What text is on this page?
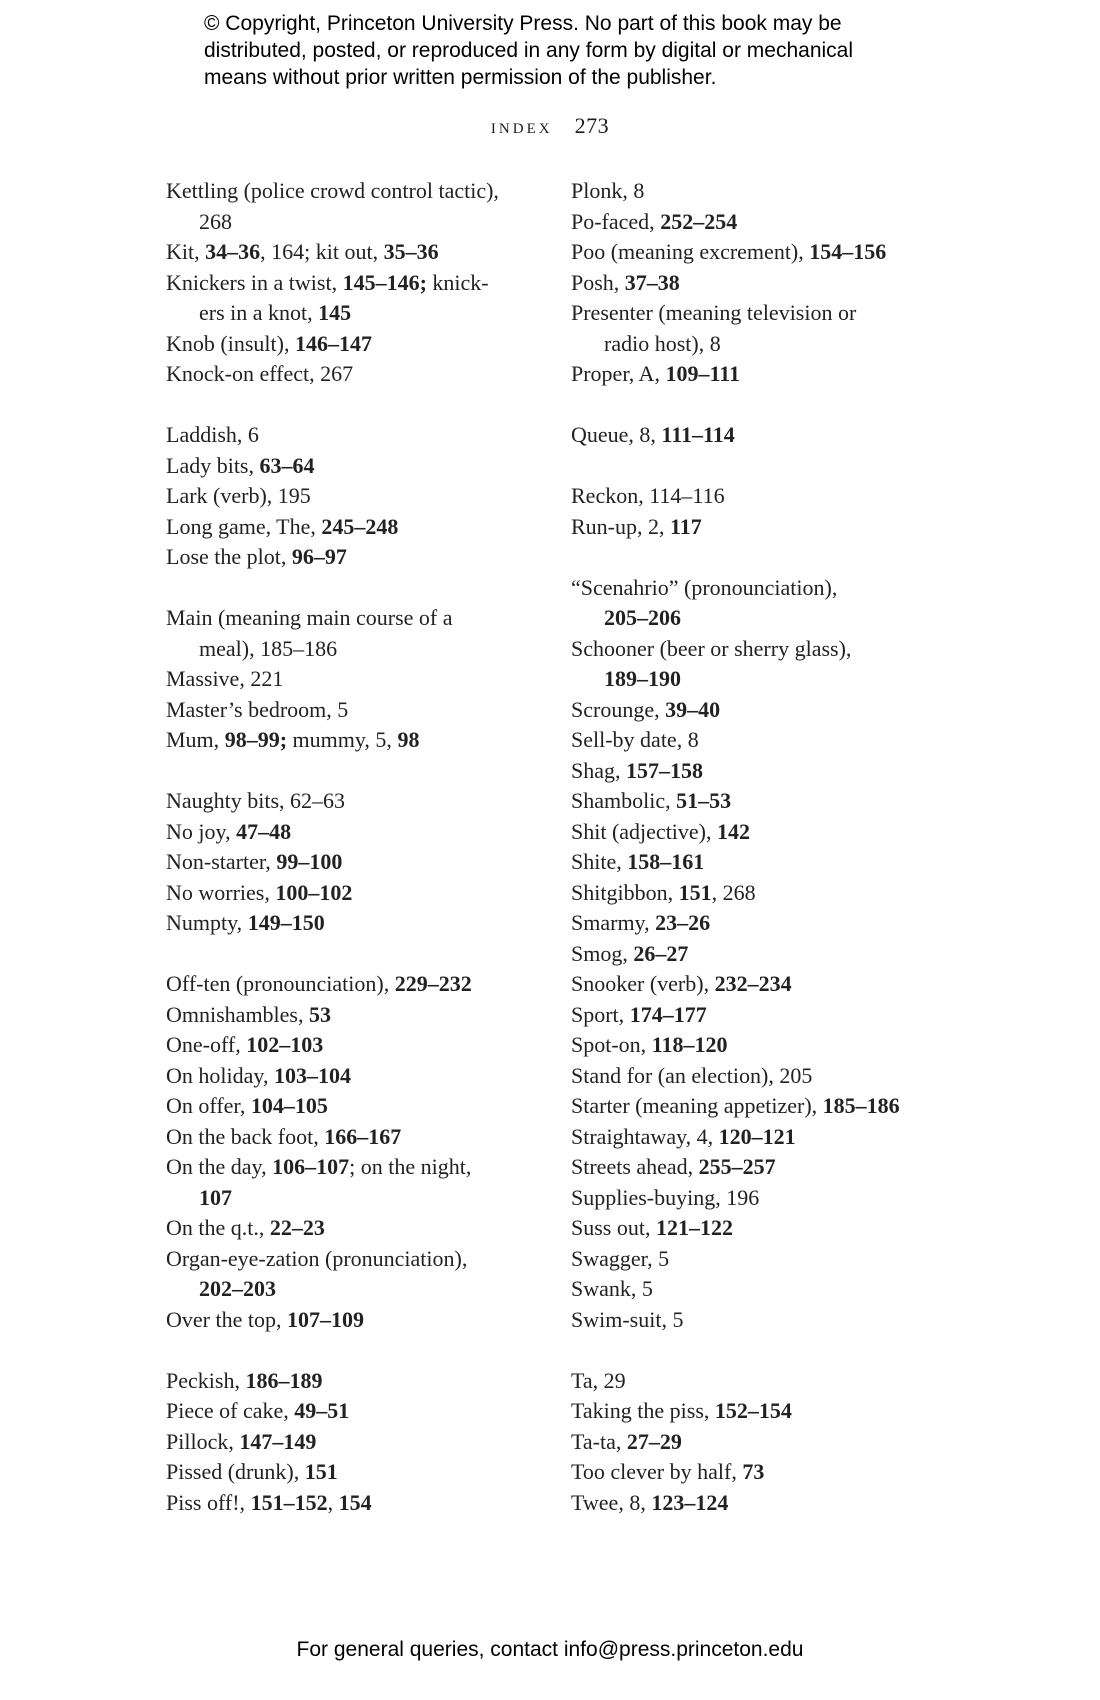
© Copyright, Princeton University Press. No part of this book may be
distributed, posted, or reproduced in any form by digital or mechanical
means without prior written permission of the publisher.
index 273
Kettling (police crowd control tactic),
268
Kit, 34–36, 164; kit out, 35–36
Knickers in a twist, 145–146; knick-
ers in a knot, 145
Knob (insult), 146–147
Knock-on effect, 267
Laddish, 6
Lady bits, 63–64
Lark (verb), 195
Long game, The, 245–248
Lose the plot, 96–97
Main (meaning main course of a
meal), 185–186
Massive, 221
Master’s bedroom, 5
Mum, 98–99; mummy, 5, 98
Naughty bits, 62–63
No joy, 47–48
Non-starter, 99–100
No worries, 100–102
Numpty, 149–150
Off-ten (pronounciation), 229–232
Omnishambles, 53
One-off, 102–103
On holiday, 103–104
On offer, 104–105
On the back foot, 166–167
On the day, 106–107; on the night,
107
On the q.t., 22–23
Organ-eye-zation (pronunciation),
202–203
Over the top, 107–109
Peckish, 186–189
Piece of cake, 49–51
Pillock, 147–149
Pissed (drunk), 151
Piss off!, 151–152, 154
Plonk, 8
Po-faced, 252–254
Poo (meaning excrement), 154–156
Posh, 37–38
Presenter (meaning television or
radio host), 8
Proper, A, 109–111
Queue, 8, 111–114
Reckon, 114–116
Run-up, 2, 117
“Scenahrio” (pronounciation),
205–206
Schooner (beer or sherry glass),
189–190
Scrounge, 39–40
Sell-by date, 8
Shag, 157–158
Shambolic, 51–53
Shit (adjective), 142
Shite, 158–161
Shitgibbon, 151, 268
Smarmy, 23–26
Smog, 26–27
Snooker (verb), 232–234
Sport, 174–177
Spot-on, 118–120
Stand for (an election), 205
Starter (meaning appetizer), 185–186
Straightaway, 4, 120–121
Streets ahead, 255–257
Supplies-buying, 196
Suss out, 121–122
Swagger, 5
Swank, 5
Swim-suit, 5
Ta, 29
Taking the piss, 152–154
Ta-ta, 27–29
Too clever by half, 73
Twee, 8, 123–124
For general queries, contact info@press.princeton.edu
